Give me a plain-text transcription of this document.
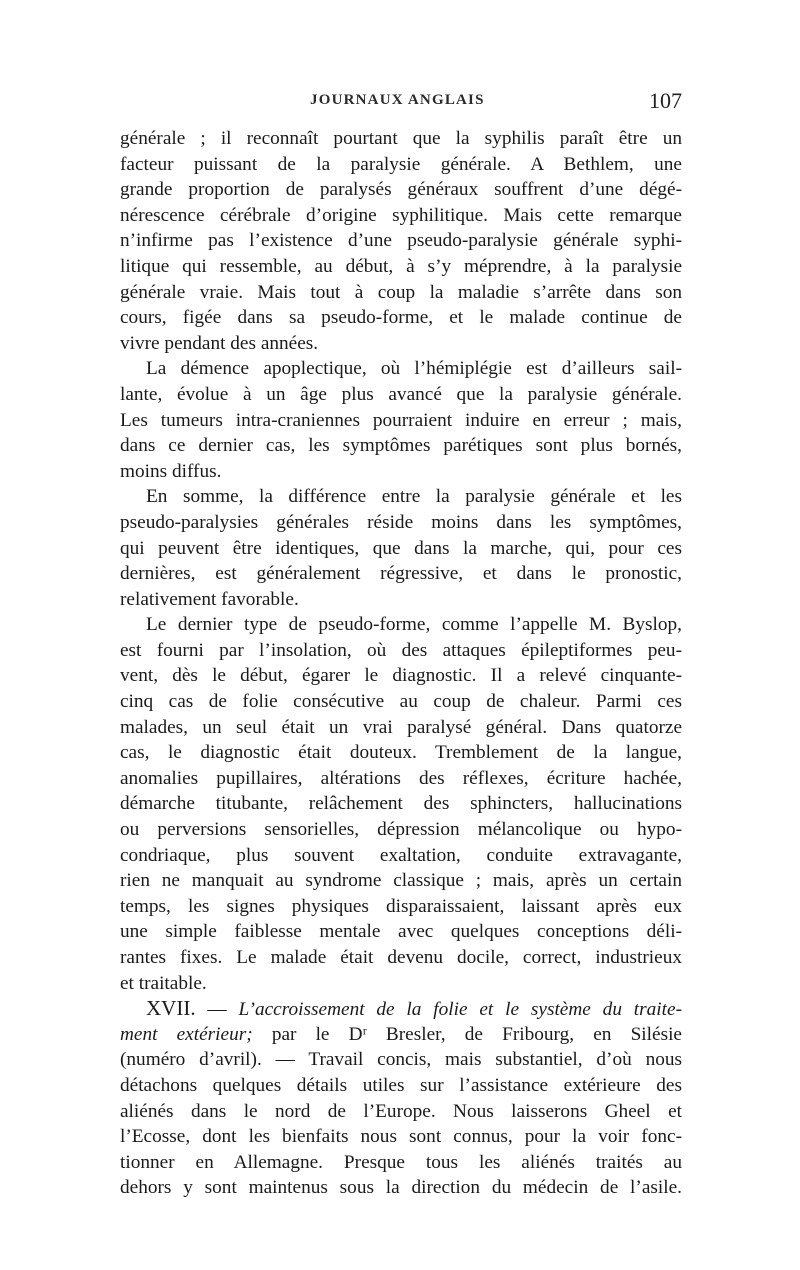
JOURNAUX ANGLAIS	107
générale ; il reconnaît pourtant que la syphilis paraît être un
facteur puissant de la paralysie générale. A Bethlem, une
grande proportion de paralysés généraux souffrent d’une dégé-
nérescence cérébrale d’origine syphilitique. Mais cette remarque
n’infirme pas l’existence d’une pseudo-paralysie générale syphi-
litique qui ressemble, au début, à s’y méprendre, à la paralysie
générale vraie. Mais tout à coup la maladie s’arrête dans son
cours, figée dans sa pseudo-forme, et le malade continue de
vivre pendant des années.
La démence apoplectique, où l’hémiplégie est d’ailleurs sail-
lante, évolue à un âge plus avancé que la paralysie générale.
Les tumeurs intra-craniennes pourraient induire en erreur ; mais,
dans ce dernier cas, les symptômes parétiques sont plus bornés,
moins diffus.
En somme, la différence entre la paralysie générale et les
pseudo-paralysies générales réside moins dans les symptômes,
qui peuvent être identiques, que dans la marche, qui, pour ces
dernières, est généralement régressive, et dans le pronostic,
relativement favorable.
Le dernier type de pseudo-forme, comme l’appelle M. Byslop,
est fourni par l’insolation, où des attaques épileptiformes peu-
vent, dès le début, égarer le diagnostic. Il a relevé cinquante-
cinq cas de folie consécutive au coup de chaleur. Parmi ces
malades, un seul était un vrai paralysé général. Dans quatorze
cas, le diagnostic était douteux. Tremblement de la langue,
anomalies pupillaires, altérations des réflexes, écriture hachée,
démarche titubante, relâchement des sphincters, hallucinations
ou perversions sensorielles, dépression mélancolique ou hypo-
condriaque, plus souvent exaltation, conduite extravagante,
rien ne manquait au syndrome classique ; mais, après un certain
temps, les signes physiques disparaissaient, laissant après eux
une simple faiblesse mentale avec quelques conceptions déli-
rantes fixes. Le malade était devenu docile, correct, industrieux
et traitable.
XVII. — L’accroissement de la folie et le système du traite-
ment extérieur; par le Dʳ Bresler, de Fribourg, en Silésie
(numéro d’avril). — Travail concis, mais substantiel, d’où nous
détachons quelques détails utiles sur l’assistance extérieure des
aliénés dans le nord de l’Europe. Nous laisserons Gheel et
l’Ecosse, dont les bienfaits nous sont connus, pour la voir fonc-
tionner en Allemagne. Presque tous les aliénés traités au
dehors y sont maintenus sous la direction du médecin de l’asile.
